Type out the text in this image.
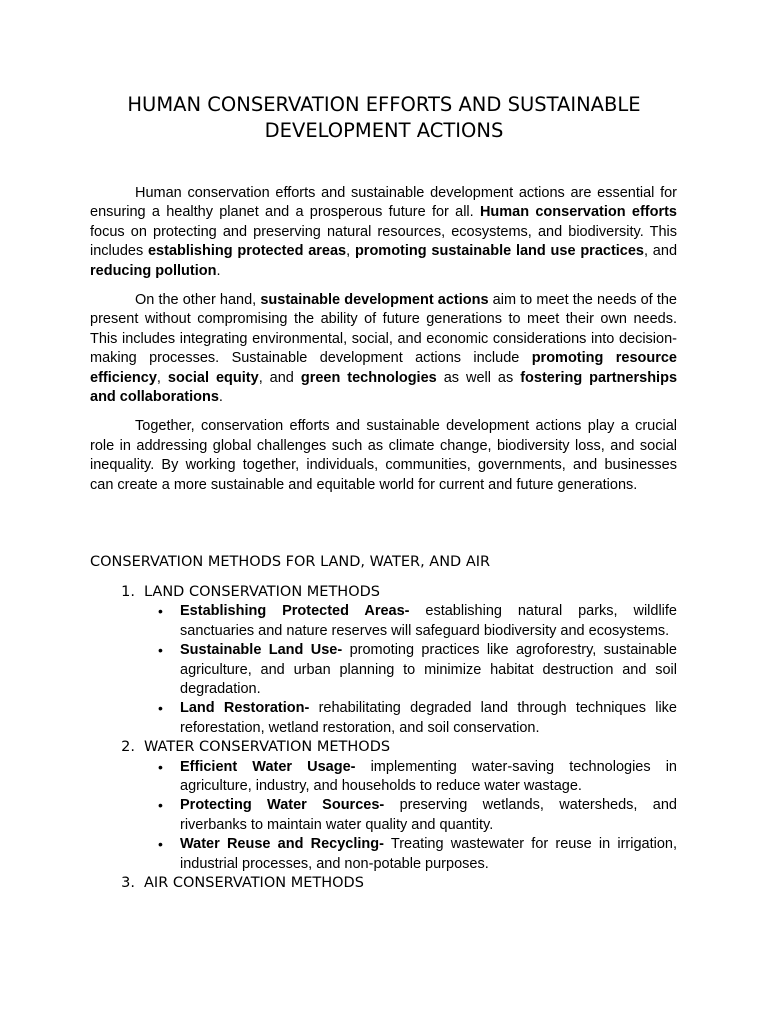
HUMAN CONSERVATION EFFORTS AND SUSTAINABLE
DEVELOPMENT ACTIONS

Human conservation efforts and sustainable development actions are essential for ensuring a healthy planet and a prosperous future for all. Human conservation efforts focus on protecting and preserving natural resources, ecosystems, and biodiversity. This includes establishing protected areas, promoting sustainable land use practices, and reducing pollution.

On the other hand, sustainable development actions aim to meet the needs of the present without compromising the ability of future generations to meet their own needs. This includes integrating environmental, social, and economic considerations into decision-making processes. Sustainable development actions include promoting resource efficiency, social equity, and green technologies as well as fostering partnerships and collaborations.

Together, conservation efforts and sustainable development actions play a crucial role in addressing global challenges such as climate change, biodiversity loss, and social inequality. By working together, individuals, communities, governments, and businesses can create a more sustainable and equitable world for current and future generations.

CONSERVATION METHODS FOR LAND, WATER, AND AIR
1. LAND CONSERVATION METHODS
• Establishing Protected Areas- establishing natural parks, wildlife sanctuaries and nature reserves will safeguard biodiversity and ecosystems.
• Sustainable Land Use- promoting practices like agroforestry, sustainable agriculture, and urban planning to minimize habitat destruction and soil degradation.
• Land Restoration- rehabilitating degraded land through techniques like reforestation, wetland restoration, and soil conservation.
2. WATER CONSERVATION METHODS
• Efficient Water Usage- implementing water-saving technologies in agriculture, industry, and households to reduce water wastage.
• Protecting Water Sources- preserving wetlands, watersheds, and riverbanks to maintain water quality and quantity.
• Water Reuse and Recycling- Treating wastewater for reuse in irrigation, industrial processes, and non-potable purposes.
3. AIR CONSERVATION METHODS
